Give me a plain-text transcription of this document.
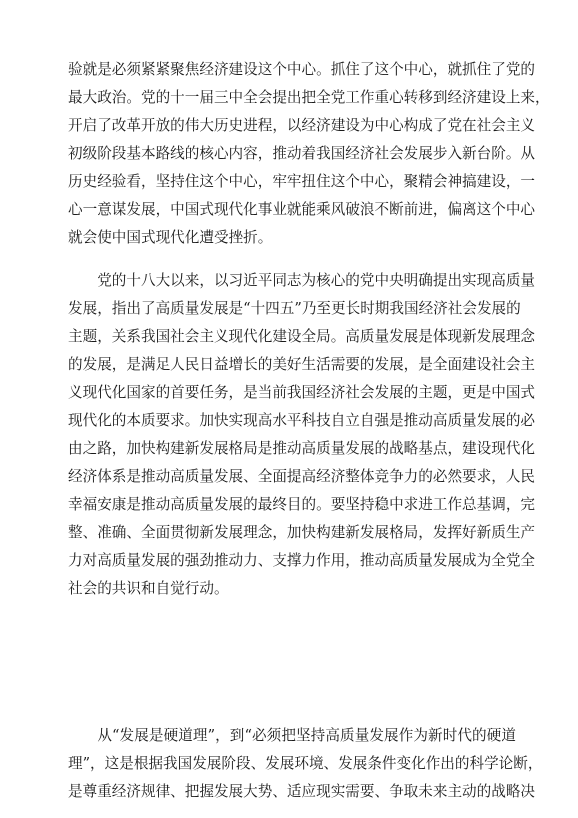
验就是必须紧紧聚焦经济建设这个中心。抓住了这个中心，就抓住了党的
最大政治。党的十一届三中全会提出把全党工作重心转移到经济建设上来，
开启了改革开放的伟大历史进程，以经济建设为中心构成了党在社会主义
初级阶段基本路线的核心内容，推动着我国经济社会发展步入新台阶。从
历史经验看，坚持住这个中心，牢牢扭住这个中心，聚精会神搞建设，一
心一意谋发展，中国式现代化事业就能乘风破浪不断前进，偏离这个中心
就会使中国式现代化遭受挫折。
　　党的十八大以来，以习近平同志为核心的党中央明确提出实现高质量
发展，指出了高质量发展是“十四五”乃至更长时期我国经济社会发展的
主题，关系我国社会主义现代化建设全局。高质量发展是体现新发展理念
的发展，是满足人民日益增长的美好生活需要的发展，是全面建设社会主
义现代化国家的首要任务，是当前我国经济社会发展的主题，更是中国式
现代化的本质要求。加快实现高水平科技自立自强是推动高质量发展的必
由之路，加快构建新发展格局是推动高质量发展的战略基点，建设现代化
经济体系是推动高质量发展、全面提高经济整体竞争力的必然要求，人民
幸福安康是推动高质量发展的最终目的。要坚持稳中求进工作总基调，完
整、准确、全面贯彻新发展理念，加快构建新发展格局，发挥好新质生产
力对高质量发展的强劲推动力、支撑力作用，推动高质量发展成为全党全
社会的共识和自觉行动。
　　从“发展是硬道理”，到“必须把坚持高质量发展作为新时代的硬道
理”，这是根据我国发展阶段、发展环境、发展条件变化作出的科学论断，
是尊重经济规律、把握发展大势、适应现实需要、争取未来主动的战略决
